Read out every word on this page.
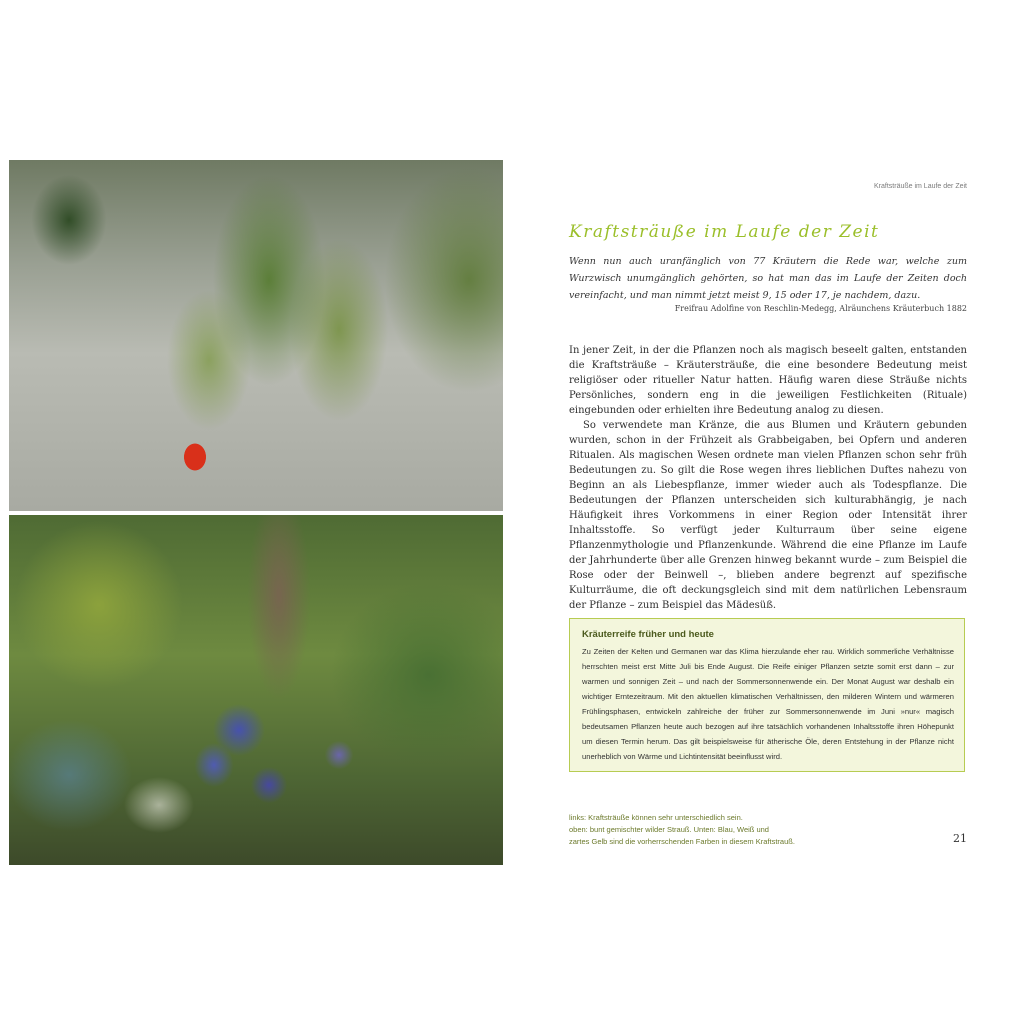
Kraftsträuße im Laufe der Zeit
Kraftsträuße im Laufe der Zeit

Wenn nun auch uranfänglich von 77 Kräutern die Rede war, welche zum Wurzwisch unumgänglich gehörten, so hat man das im Laufe der Zeiten doch vereinfacht, und man nimmt jetzt meist 9, 15 oder 17, je nachdem, dazu.

Freifrau Adolfine von Reschlin-Medegg, Alräunchens Kräuterbuch 1882

In jener Zeit, in der die Pflanzen noch als magisch beseelt galten, entstanden die Kraftsträuße – Kräutersträuße, die eine besondere Bedeutung meist religiöser oder ritueller Natur hatten. Häufig waren diese Sträuße nichts Persönliches, sondern eng in die jeweiligen Festlichkeiten (Rituale) eingebunden oder erhielten ihre Bedeutung analog zu diesen.

So verwendete man Kränze, die aus Blumen und Kräutern gebunden wurden, schon in der Frühzeit als Grabbeigaben, bei Opfern und anderen Ritualen. Als magischen Wesen ordnete man vielen Pflanzen schon sehr früh Bedeutungen zu. So gilt die Rose wegen ihres lieblichen Duftes nahezu von Beginn an als Liebespflanze, immer wieder auch als Todespflanze. Die Bedeutungen der Pflanzen unterscheiden sich kulturabhängig, je nach Häufigkeit ihres Vorkommens in einer Region oder Intensität ihrer Inhaltsstoffe. So verfügt jeder Kulturraum über seine eigene Pflanzenmythologie und Pflanzenkunde. Während die eine Pflanze im Laufe der Jahrhunderte über alle Grenzen hinweg bekannt wurde – zum Beispiel die Rose oder der Beinwell –, blieben andere begrenzt auf spezifische Kulturräume, die oft deckungsgleich sind mit dem natürlichen Lebensraum der Pflanze – zum Beispiel das Mädesüß.

Kräuterreife früher und heute

Zu Zeiten der Kelten und Germanen war das Klima hierzulande eher rau. Wirklich sommerliche Verhältnisse herrschten meist erst Mitte Juli bis Ende August. Die Reife einiger Pflanzen setzte somit erst dann – zur warmen und sonnigen Zeit – und nach der Sommersonnenwende ein. Der Monat August war deshalb ein wichtiger Erntezeitraum. Mit den aktuellen klimatischen Verhältnissen, den milderen Wintern und wärmeren Frühlingsphasen, entwickeln zahlreiche der früher zur Sommersonnenwende im Juni »nur« magisch bedeutsamen Pflanzen heute auch bezogen auf ihre tatsächlich vorhandenen Inhaltsstoffe ihren Höhepunkt um diesen Termin herum. Das gilt beispielsweise für ätherische Öle, deren Entstehung in der Pflanze nicht unerheblich von Wärme und Lichtintensität beeinflusst wird.

links: Kraftsträuße können sehr unterschiedlich sein.
oben: bunt gemischter wilder Strauß. Unten: Blau, Weiß und
zartes Gelb sind die vorherrschenden Farben in diesem Kraftstrauß.	21
